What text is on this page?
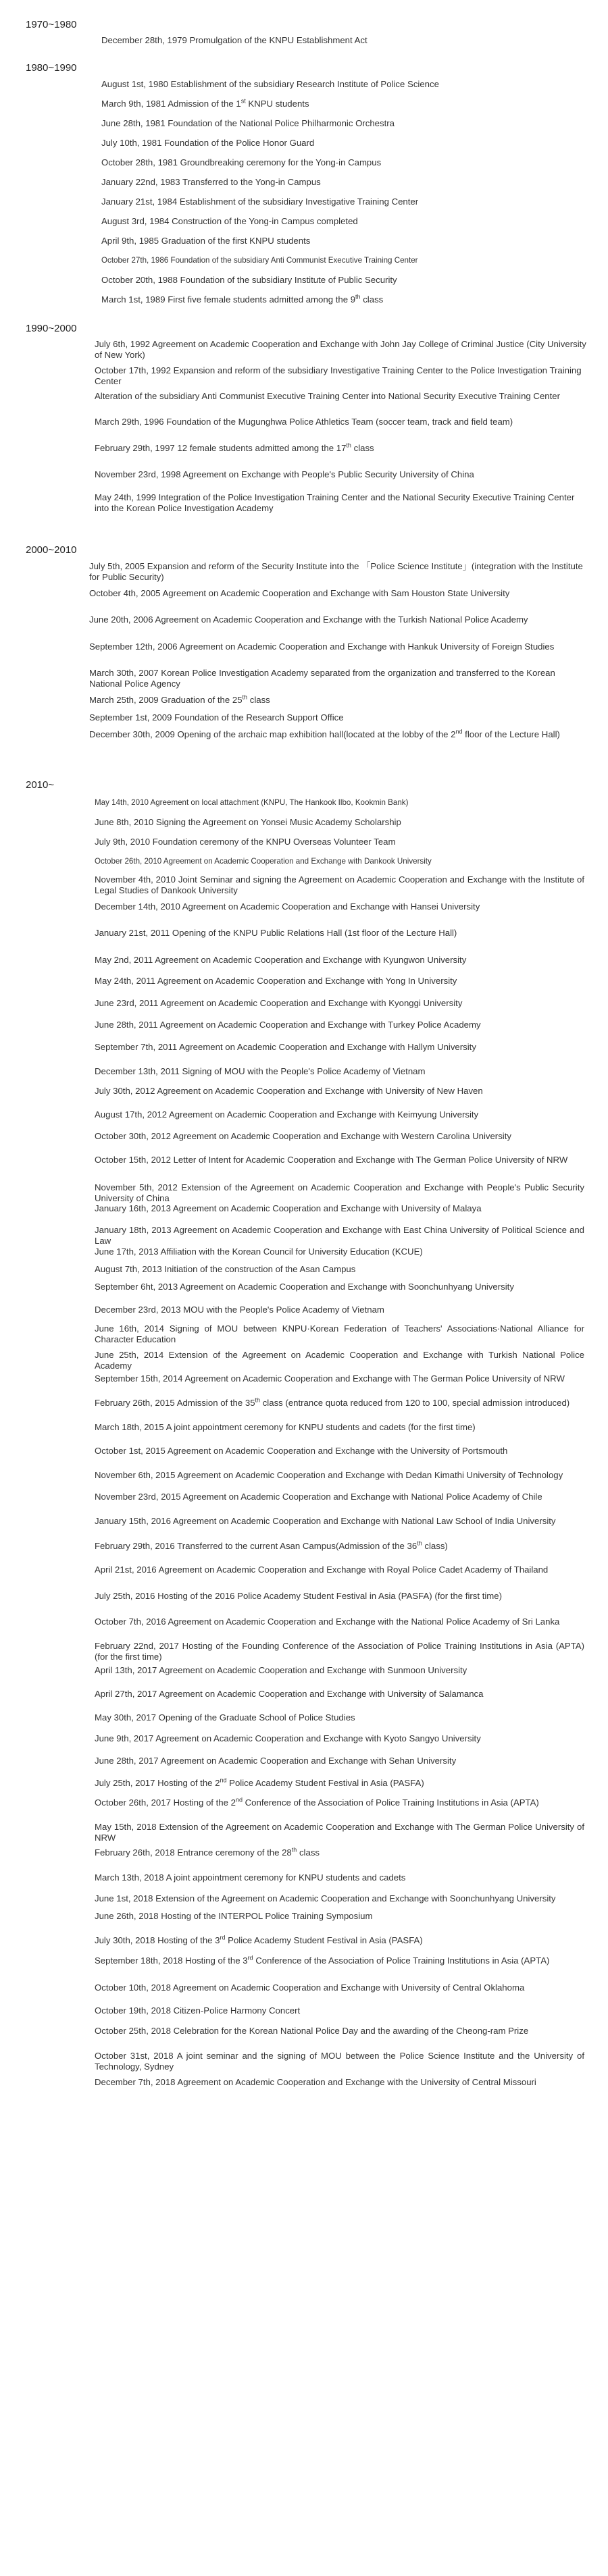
1970~1980
December 28th, 1979 Promulgation of the KNPU Establishment Act
1980~1990
August 1st, 1980 Establishment of the subsidiary Research Institute of Police Science
March 9th, 1981 Admission of the 1st KNPU students
June 28th, 1981 Foundation of the National Police Philharmonic Orchestra
July 10th, 1981 Foundation of the Police Honor Guard
October 28th, 1981 Groundbreaking ceremony for the Yong-in Campus
January 22nd, 1983 Transferred to the Yong-in Campus
January 21st, 1984 Establishment of the subsidiary Investigative Training Center
August 3rd, 1984 Construction of the Yong-in Campus completed
April 9th, 1985 Graduation of the first KNPU students
October 27th, 1986 Foundation of the subsidiary Anti Communist Executive Training Center
October 20th, 1988 Foundation of the subsidiary Institute of Public Security
March 1st, 1989 First five female students admitted among the 9th class
1990~2000
July 6th, 1992 Agreement on Academic Cooperation and Exchange with John Jay College of Criminal Justice (City University of New York)
October 17th, 1992 Expansion and reform of the subsidiary Investigative Training Center to the Police Investigation Training Center
Alteration of the subsidiary Anti Communist Executive Training Center into National Security Executive Training Center
March 29th, 1996 Foundation of the Mugunghwa Police Athletics Team (soccer team, track and field team)
February 29th, 1997 12 female students admitted among the 17th class
November 23rd, 1998 Agreement on Exchange with People's Public Security University of China
May 24th, 1999 Integration of the Police Investigation Training Center and the National Security Executive Training Center into the Korean Police Investigation Academy
2000~2010
July 5th, 2005 Expansion and reform of the Security Institute into the 「Police Science Institute」(integration with the Institute for Public Security)
October 4th, 2005 Agreement on Academic Cooperation and Exchange with Sam Houston State University
June 20th, 2006 Agreement on Academic Cooperation and Exchange with the Turkish National Police Academy
September 12th, 2006 Agreement on Academic Cooperation and Exchange with Hankuk University of Foreign Studies
March 30th, 2007 Korean Police Investigation Academy separated from the organization and transferred to the Korean National Police Agency
March 25th, 2009 Graduation of the 25th class
September 1st, 2009 Foundation of the Research Support Office
December 30th, 2009 Opening of the archaic map exhibition hall(located at the lobby of the 2nd floor of the Lecture Hall)
2010~
May 14th, 2010 Agreement on local attachment (KNPU, The Hankook Ilbo, Kookmin Bank)
June 8th, 2010 Signing the Agreement on Yonsei Music Academy Scholarship
July 9th, 2010 Foundation ceremony of the KNPU Overseas Volunteer Team
October 26th, 2010 Agreement on Academic Cooperation and Exchange with Dankook University
November 4th, 2010 Joint Seminar and signing the Agreement on Academic Cooperation and Exchange with the Institute of Legal Studies of Dankook University
December 14th, 2010 Agreement on Academic Cooperation and Exchange with Hansei University
January 21st, 2011 Opening of the KNPU Public Relations Hall (1st floor of the Lecture Hall)
May 2nd, 2011 Agreement on Academic Cooperation and Exchange with Kyungwon University
May 24th, 2011 Agreement on Academic Cooperation and Exchange with Yong In University
June 23rd, 2011 Agreement on Academic Cooperation and Exchange with Kyonggi University
June 28th, 2011 Agreement on Academic Cooperation and Exchange with Turkey Police Academy
September 7th, 2011 Agreement on Academic Cooperation and Exchange with Hallym University
December 13th, 2011 Signing of MOU with the People's Police Academy of Vietnam
July 30th, 2012 Agreement on Academic Cooperation and Exchange with University of New Haven
August 17th, 2012 Agreement on Academic Cooperation and Exchange with Keimyung University
October 30th, 2012 Agreement on Academic Cooperation and Exchange with Western Carolina University
October 15th, 2012 Letter of Intent for Academic Cooperation and Exchange with The German Police University of NRW
November 5th, 2012 Extension of the Agreement on Academic Cooperation and Exchange with People's Public Security University of China
January 16th, 2013 Agreement on Academic Cooperation and Exchange with University of Malaya
January 18th, 2013 Agreement on Academic Cooperation and Exchange with East China University of Political Science and Law
June 17th, 2013 Affiliation with the Korean Council for University Education (KCUE)
August 7th, 2013 Initiation of the construction of the Asan Campus
September 6ht, 2013 Agreement on Academic Cooperation and Exchange with Soonchunhyang University
December 23rd, 2013 MOU with the People's Police Academy of Vietnam
June 16th, 2014 Signing of MOU between KNPU·Korean Federation of Teachers' Associations·National Alliance for Character Education
June 25th, 2014 Extension of the Agreement on Academic Cooperation and Exchange with Turkish National Police Academy
September 15th, 2014 Agreement on Academic Cooperation and Exchange with The German Police University of NRW
February 26th, 2015 Admission of the 35th class (entrance quota reduced from 120 to 100, special admission introduced)
March 18th, 2015 A joint appointment ceremony for KNPU students and cadets (for the first time)
October 1st, 2015 Agreement on Academic Cooperation and Exchange with the University of Portsmouth
November 6th, 2015 Agreement on Academic Cooperation and Exchange with Dedan Kimathi University of Technology
November 23rd, 2015 Agreement on Academic Cooperation and Exchange with National Police Academy of Chile
January 15th, 2016 Agreement on Academic Cooperation and Exchange with National Law School of India University
February 29th, 2016 Transferred to the current Asan Campus(Admission of the 36th class)
April 21st, 2016 Agreement on Academic Cooperation and Exchange with Royal Police Cadet Academy of Thailand
July 25th, 2016 Hosting of the 2016 Police Academy Student Festival in Asia (PASFA) (for the first time)
October 7th, 2016 Agreement on Academic Cooperation and Exchange with the National Police Academy of Sri Lanka
February 22nd, 2017 Hosting of the Founding Conference of the Association of Police Training Institutions in Asia (APTA) (for the first time)
April 13th, 2017 Agreement on Academic Cooperation and Exchange with Sunmoon University
April 27th, 2017 Agreement on Academic Cooperation and Exchange with University of Salamanca
May 30th, 2017 Opening of the Graduate School of Police Studies
June 9th, 2017 Agreement on Academic Cooperation and Exchange with Kyoto Sangyo University
June 28th, 2017 Agreement on Academic Cooperation and Exchange with Sehan University
July 25th, 2017 Hosting of the 2nd Police Academy Student Festival in Asia (PASFA)
October 26th, 2017 Hosting of the 2nd Conference of the Association of Police Training Institutions in Asia (APTA)
May 15th, 2018 Extension of the Agreement on Academic Cooperation and Exchange with The German Police University of NRW
February 26th, 2018 Entrance ceremony of the 28th class
March 13th, 2018 A joint appointment ceremony for KNPU students and cadets
June 1st, 2018 Extension of the Agreement on Academic Cooperation and Exchange with Soonchunhyang University
June 26th, 2018 Hosting of the INTERPOL Police Training Symposium
July 30th, 2018 Hosting of the 3rd Police Academy Student Festival in Asia (PASFA)
September 18th, 2018 Hosting of the 3rd Conference of the Association of Police Training Institutions in Asia (APTA)
October 10th, 2018 Agreement on Academic Cooperation and Exchange with University of Central Oklahoma
October 19th, 2018 Citizen-Police Harmony Concert
October 25th, 2018 Celebration for the Korean National Police Day and the awarding of the Cheong-ram Prize
October 31st, 2018 A joint seminar and the signing of MOU between the Police Science Institute and the University of Technology, Sydney
December 7th, 2018 Agreement on Academic Cooperation and Exchange with the University of Central Missouri
